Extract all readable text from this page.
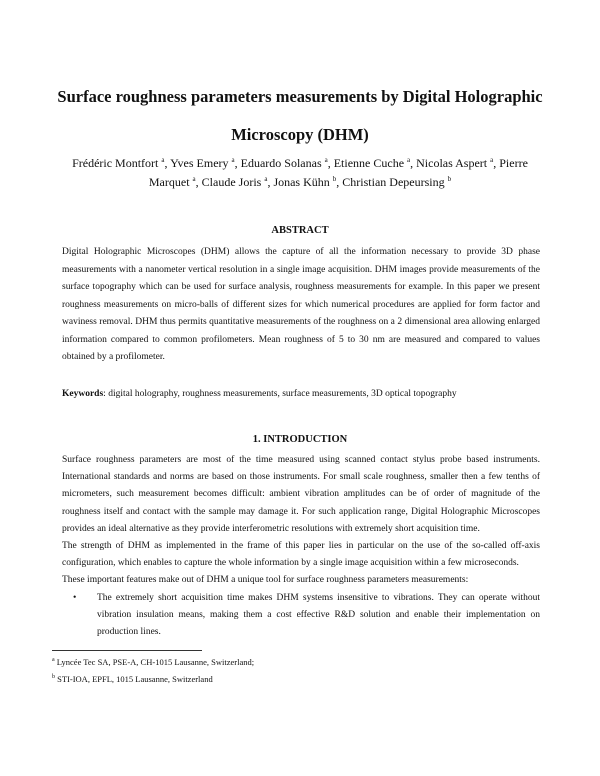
Surface roughness parameters measurements by Digital Holographic Microscopy (DHM)
Frédéric Montfort $^a$, Yves Emery $^a$, Eduardo Solanas $^a$, Etienne Cuche $^a$, Nicolas Aspert $^a$, Pierre Marquet $^a$, Claude Joris $^a$, Jonas Kühn $^b$, Christian Depeursing $^b$
ABSTRACT
Digital Holographic Microscopes (DHM) allows the capture of all the information necessary to provide 3D phase measurements with a nanometer vertical resolution in a single image acquisition. DHM images provide measurements of the surface topography which can be used for surface analysis, roughness measurements for example. In this paper we present roughness measurements on micro-balls of different sizes for which numerical procedures are applied for form factor and waviness removal. DHM thus permits quantitative measurements of the roughness on a 2 dimensional area allowing enlarged information compared to common profilometers. Mean roughness of 5 to 30 nm are measured and compared to values obtained by a profilometer.
Keywords: digital holography, roughness measurements, surface measurements, 3D optical topography
1. INTRODUCTION

Surface roughness parameters are most of the time measured using scanned contact stylus probe based instruments. International standards and norms are based on those instruments. For small scale roughness, smaller then a few tenths of micrometers, such measurement becomes difficult: ambient vibration amplitudes can be of order of magnitude of the roughness itself and contact with the sample may damage it. For such application range, Digital Holographic Microscopes provides an ideal alternative as they provide interferometric resolutions with extremely short acquisition time.

The strength of DHM as implemented in the frame of this paper lies in particular on the use of the so-called off-axis configuration, which enables to capture the whole information by a single image acquisition within a few microseconds.

These important features make out of DHM a unique tool for surface roughness parameters measurements:

• The extremely short acquisition time makes DHM systems insensitive to vibrations. They can operate without vibration insulation means, making them a cost effective R&D solution and enable their implementation on production lines.
$^a$ Lyncée Tec SA, PSE-A, CH-1015 Lausanne, Switzerland;
$^b$ STI-IOA, EPFL, 1015 Lausanne, Switzerland
